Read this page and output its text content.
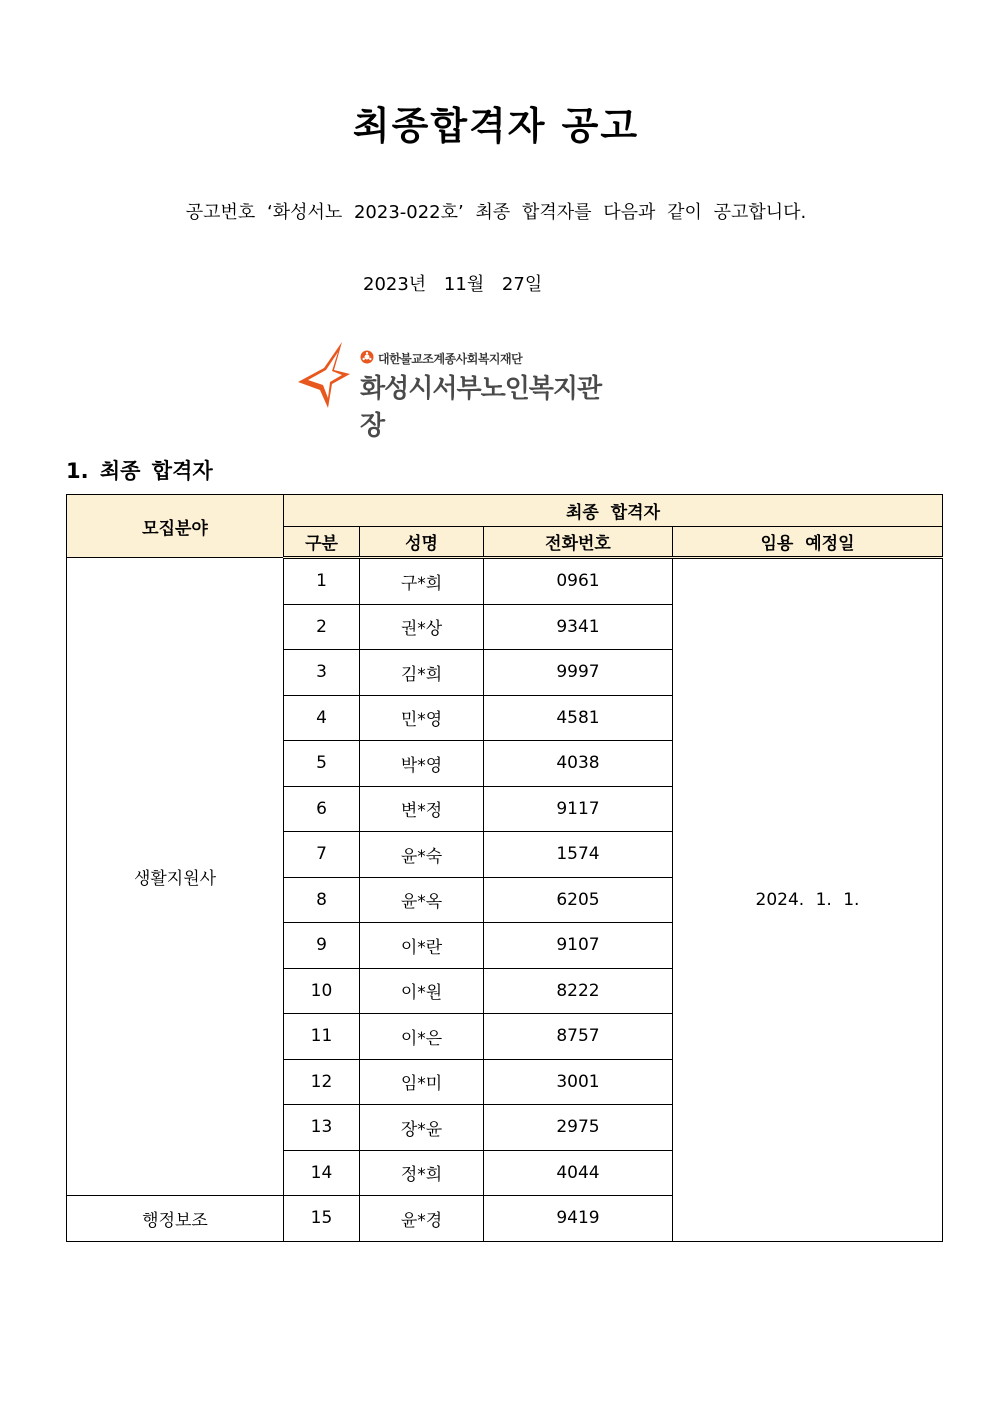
최종합격자 공고
공고번호 ‘화성서노 2023-022호’ 최종 합격자를 다음과 같이 공고합니다.
2023년 11월 27일
대한불교조계종사회복지재단
화성시서부노인복지관장
1. 최종 합격자
모집분야	최종 합격자			
	구분	성명	전화번호	임용 예정일
생활지원사	1	구*희	0961	2024. 1. 1.
	2	권*상	9341	
	3	김*희	9997	
	4	민*영	4581	
	5	박*영	4038	
	6	변*정	9117	
	7	윤*숙	1574	
	8	윤*옥	6205	
	9	이*란	9107	
	10	이*원	8222	
	11	이*은	8757	
	12	임*미	3001	
	13	장*윤	2975	
	14	정*희	4044	
행정보조	15	윤*경	9419	
